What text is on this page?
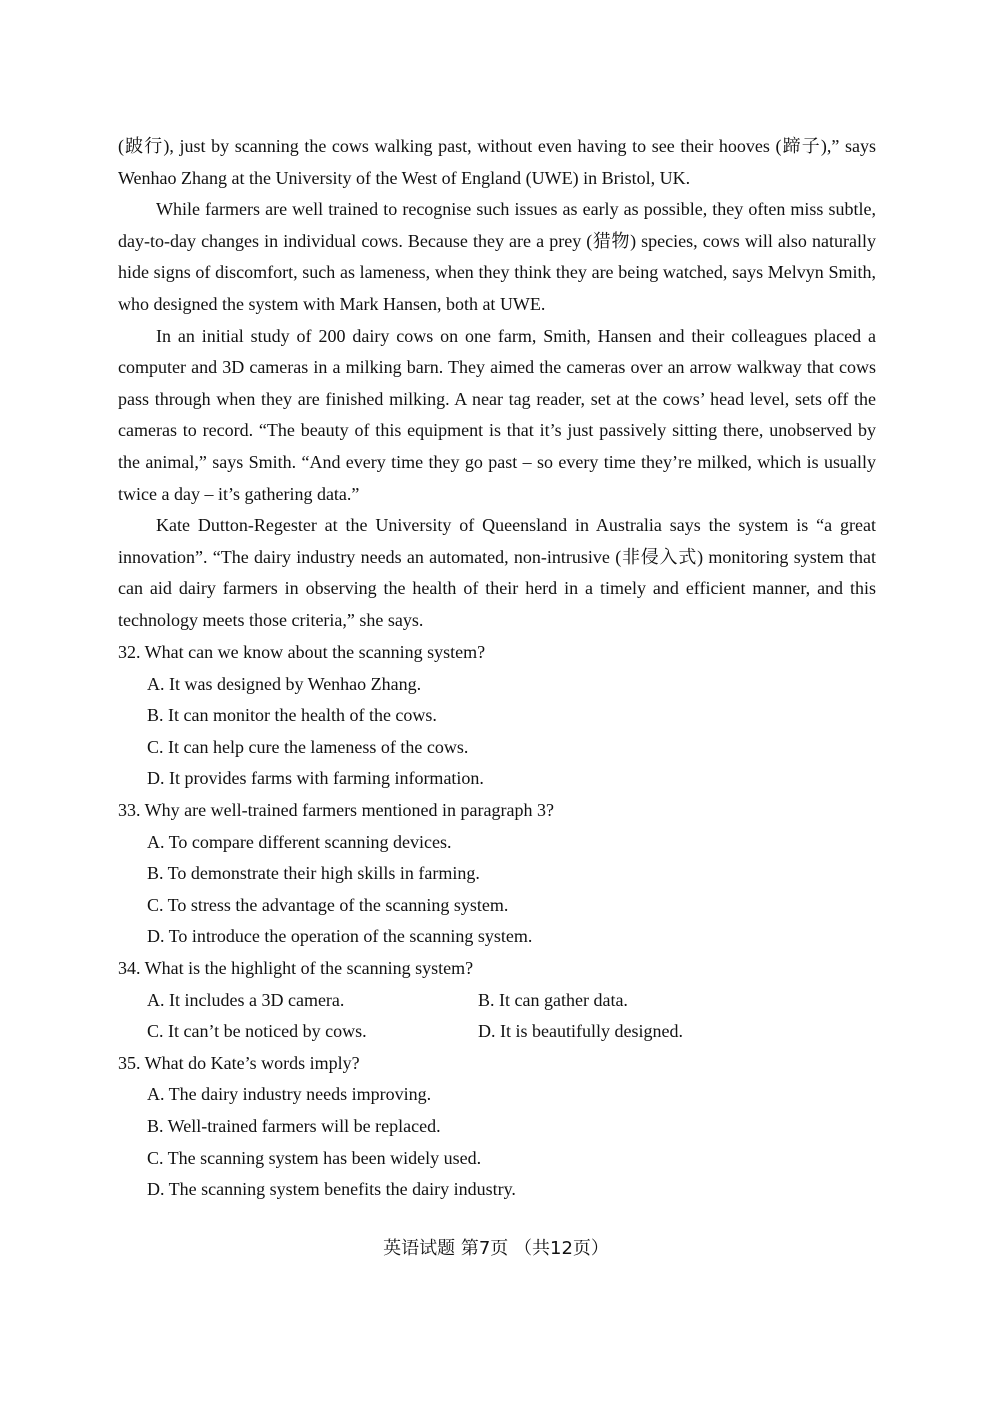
(跛行), just by scanning the cows walking past, without even having to see their hooves (蹄子),” says Wenhao Zhang at the University of the West of England (UWE) in Bristol, UK.

While farmers are well trained to recognise such issues as early as possible, they often miss subtle, day-to-day changes in individual cows. Because they are a prey (猎物) species, cows will also naturally hide signs of discomfort, such as lameness, when they think they are being watched, says Melvyn Smith, who designed the system with Mark Hansen, both at UWE.

In an initial study of 200 dairy cows on one farm, Smith, Hansen and their colleagues placed a computer and 3D cameras in a milking barn. They aimed the cameras over an arrow walkway that cows pass through when they are finished milking. A near tag reader, set at the cows’ head level, sets off the cameras to record. “The beauty of this equipment is that it’s just passively sitting there, unobserved by the animal,” says Smith. “And every time they go past – so every time they’re milked, which is usually twice a day – it’s gathering data.”

Kate Dutton-Regester at the University of Queensland in Australia says the system is “a great innovation”. “The dairy industry needs an automated, non-intrusive (非侵入式) monitoring system that can aid dairy farmers in observing the health of their herd in a timely and efficient manner, and this technology meets those criteria,” she says.

32. What can we know about the scanning system?
A. It was designed by Wenhao Zhang.
B. It can monitor the health of the cows.
C. It can help cure the lameness of the cows.
D. It provides farms with farming information.
33. Why are well-trained farmers mentioned in paragraph 3?
A. To compare different scanning devices.
B. To demonstrate their high skills in farming.
C. To stress the advantage of the scanning system.
D. To introduce the operation of the scanning system.
34. What is the highlight of the scanning system?
A. It includes a 3D camera.	B. It can gather data.
C. It can’t be noticed by cows.	D. It is beautifully designed.
35. What do Kate’s words imply?
A. The dairy industry needs improving.
B. Well-trained farmers will be replaced.
C. The scanning system has been widely used.
D. The scanning system benefits the dairy industry.
英语试题 第7页 （共12页）
